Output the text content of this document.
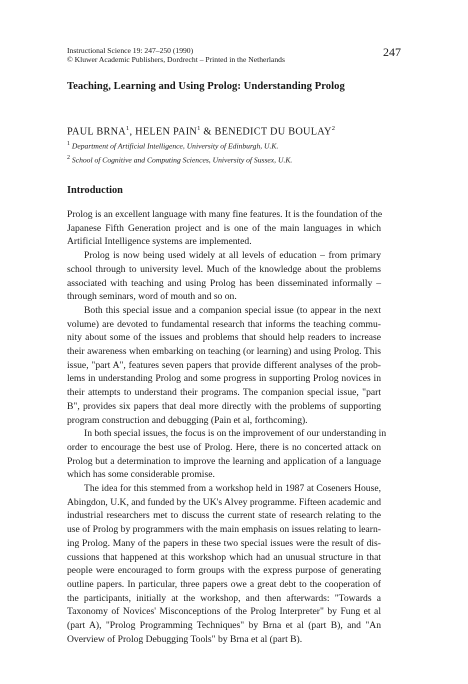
Instructional Science 19: 247–250 (1990)
© Kluwer Academic Publishers, Dordrecht – Printed in the Netherlands
247
Teaching, Learning and Using Prolog: Understanding Prolog
PAUL BRNA$^1$, HELEN PAIN$^1$ & BENEDICT DU BOULAY$^2$
$^1$ Department of Artificial Intelligence, University of Edinburgh, U.K.
$^2$ School of Cognitive and Computing Sciences, University of Sussex, U.K.
Introduction
Prolog is an excellent language with many fine features. It is the foundation of the
Japanese Fifth Generation project and is one of the main languages in which
Artificial Intelligence systems are implemented.
Prolog is now being used widely at all levels of education – from primary
school through to university level. Much of the knowledge about the problems
associated with teaching and using Prolog has been disseminated informally –
through seminars, word of mouth and so on.
Both this special issue and a companion special issue (to appear in the next
volume) are devoted to fundamental research that informs the teaching commu-
nity about some of the issues and problems that should help readers to increase
their awareness when embarking on teaching (or learning) and using Prolog. This
issue, "part A", features seven papers that provide different analyses of the prob-
lems in understanding Prolog and some progress in supporting Prolog novices in
their attempts to understand their programs. The companion special issue, "part
B", provides six papers that deal more directly with the problems of supporting
program construction and debugging (Pain et al, forthcoming).
In both special issues, the focus is on the improvement of our understanding in
order to encourage the best use of Prolog. Here, there is no concerted attack on
Prolog but a determination to improve the learning and application of a language
which has some considerable promise.
The idea for this stemmed from a workshop held in 1987 at Coseners House,
Abingdon, U.K, and funded by the UK's Alvey programme. Fifteen academic and
industrial researchers met to discuss the current state of research relating to the
use of Prolog by programmers with the main emphasis on issues relating to learn-
ing Prolog. Many of the papers in these two special issues were the result of dis-
cussions that happened at this workshop which had an unusual structure in that
people were encouraged to form groups with the express purpose of generating
outline papers. In particular, three papers owe a great debt to the cooperation of
the participants, initially at the workshop, and then afterwards: "Towards a
Taxonomy of Novices' Misconceptions of the Prolog Interpreter" by Fung et al
(part A), "Prolog Programming Techniques" by Brna et al (part B), and "An
Overview of Prolog Debugging Tools" by Brna et al (part B).
